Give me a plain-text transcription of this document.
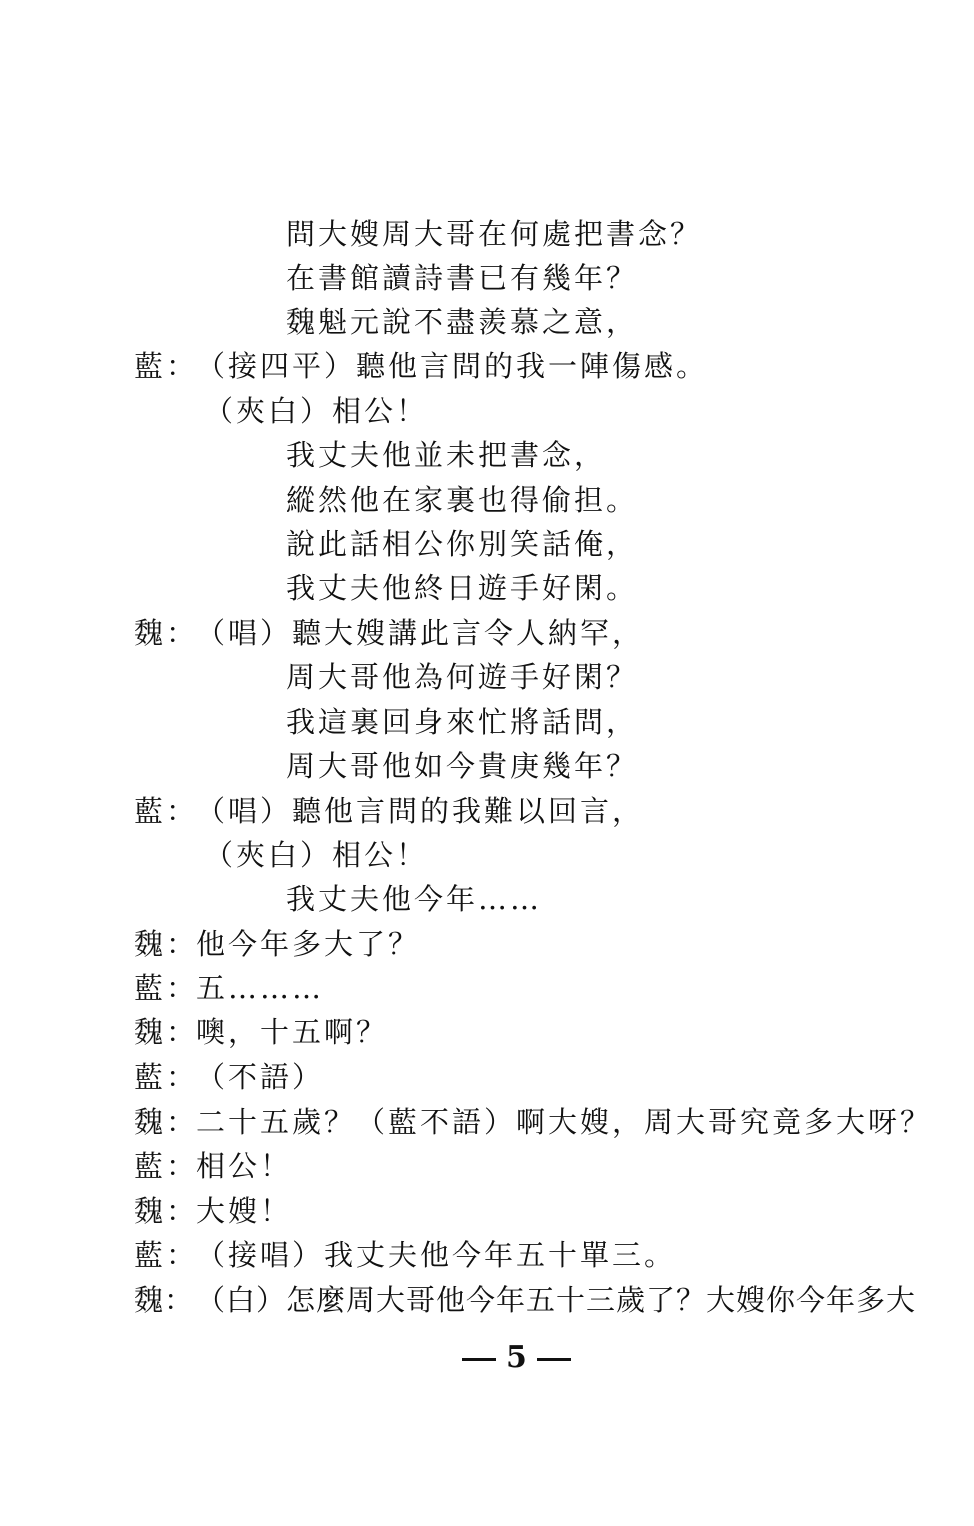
問大嫂周大哥在何處把書念？
在書館讀詩書已有幾年？
魏魁元說不盡羨慕之意，
藍：（接四平）聽他言問的我一陣傷感。
（夾白）相公！
我丈夫他並未把書念，
縱然他在家裏也得偷担。
說此話相公你別笑話俺，
我丈夫他終日遊手好閑。
魏：（唱）聽大嫂講此言令人納罕，
周大哥他為何遊手好閑？
我這裏回身來忙將話問，
周大哥他如今貴庚幾年？
藍：（唱）聽他言問的我難以回言，
（夾白）相公！
我丈夫他今年……
魏：他今年多大了？
藍：五………
魏：噢，十五啊？
藍：（不語）
魏：二十五歲？（藍不語）啊大嫂，周大哥究竟多大呀？
藍：相公！
魏：大嫂！
藍：（接唱）我丈夫他今年五十單三。
魏：（白）怎麼周大哥他今年五十三歲了？大嫂你今年多大
5
